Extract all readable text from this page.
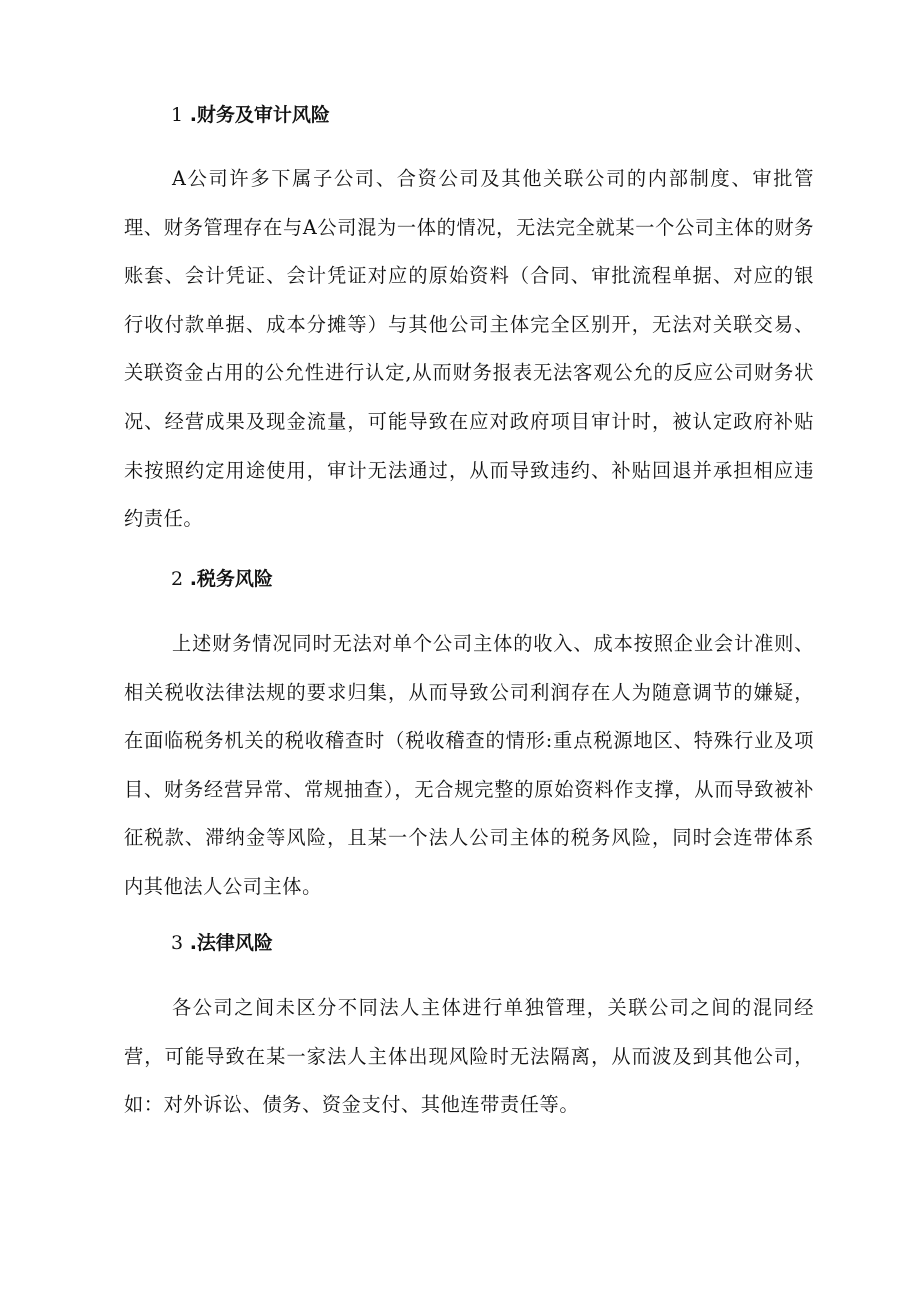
1 .财务及审计风险

A公司许多下属子公司、合资公司及其他关联公司的内部制度、审批管理、财务管理存在与A公司混为一体的情况，无法完全就某一个公司主体的财务账套、会计凭证、会计凭证对应的原始资料（合同、审批流程单据、对应的银行收付款单据、成本分摊等）与其他公司主体完全区别开，无法对关联交易、关联资金占用的公允性进行认定,从而财务报表无法客观公允的反应公司财务状况、经营成果及现金流量，可能导致在应对政府项目审计时，被认定政府补贴未按照约定用途使用，审计无法通过，从而导致违约、补贴回退并承担相应违约责任。

2 .税务风险

上述财务情况同时无法对单个公司主体的收入、成本按照企业会计准则、相关税收法律法规的要求归集，从而导致公司利润存在人为随意调节的嫌疑，在面临税务机关的税收稽查时（税收稽查的情形:重点税源地区、特殊行业及项目、财务经营异常、常规抽查），无合规完整的原始资料作支撑，从而导致被补征税款、滞纳金等风险，且某一个法人公司主体的税务风险，同时会连带体系内其他法人公司主体。

3 .法律风险

各公司之间未区分不同法人主体进行单独管理，关联公司之间的混同经营，可能导致在某一家法人主体出现风险时无法隔离，从而波及到其他公司，如：对外诉讼、债务、资金支付、其他连带责任等。
